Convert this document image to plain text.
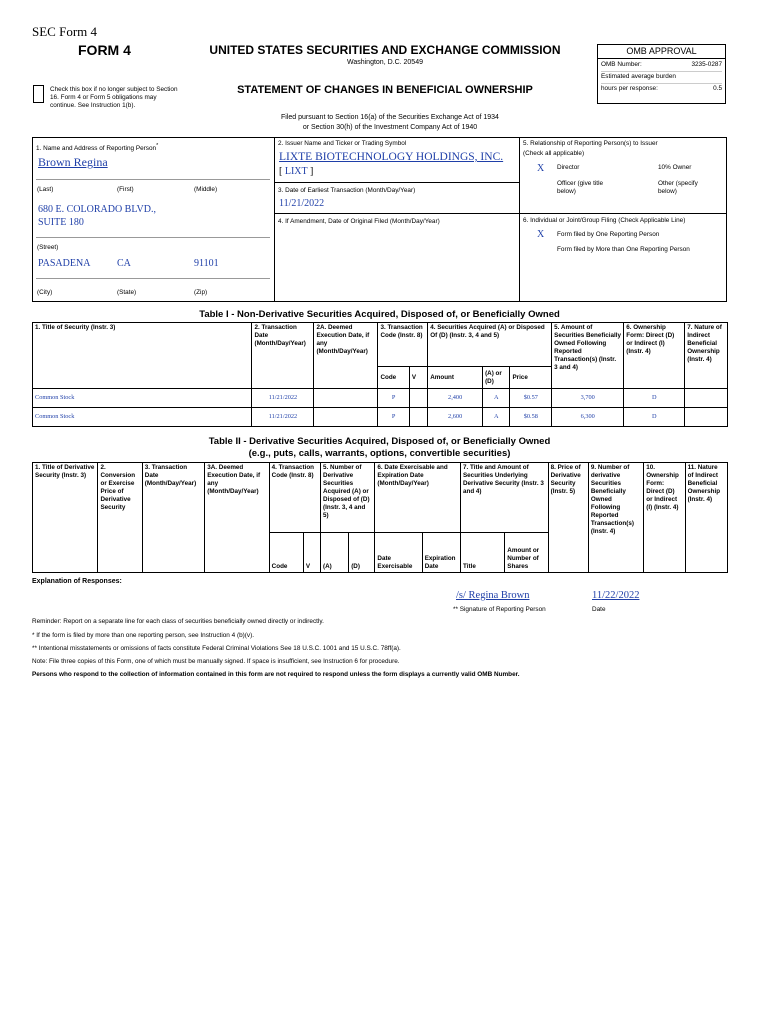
SEC Form 4
FORM 4
Check this box if no longer subject to Section 16. Form 4 or Form 5 obligations may continue. See Instruction 1(b).
UNITED STATES SECURITIES AND EXCHANGE COMMISSION
Washington, D.C. 20549
STATEMENT OF CHANGES IN BENEFICIAL OWNERSHIP
Filed pursuant to Section 16(a) of the Securities Exchange Act of 1934
or Section 30(h) of the Investment Company Act of 1940
OMB APPROVAL
OMB Number:	3235-0287
Estimated average burden
hours per response:	0.5
1. Name and Address of Reporting Person*
Brown Regina
(Last)	(First)	(Middle)
680 E. COLORADO BLVD.,
SUITE 180
(Street)
PASADENA	CA	91101
(City)	(State)	(Zip)
2. Issuer Name and Ticker or Trading Symbol
LIXTE BIOTECHNOLOGY HOLDINGS, INC.
[ LIXT ]
3. Date of Earliest Transaction (Month/Day/Year)
11/21/2022
4. If Amendment, Date of Original Filed (Month/Day/Year)
5. Relationship of Reporting Person(s) to Issuer
(Check all applicable)
X Director	10% Owner
Officer (give title below)
Other (specify below)
6. Individual or Joint/Group Filing (Check Applicable Line)
X Form filed by One Reporting Person
Form filed by More than One Reporting Person
Table I - Non-Derivative Securities Acquired, Disposed of, or Beneficially Owned
1. Title of Security (Instr. 3)	2. Transaction Date (Month/Day/Year)	2A. Deemed Execution Date, if any (Month/Day/Year)	3. Transaction Code (Instr. 8)		4. Securities Acquired (A) or Disposed Of (D) (Instr. 3, 4 and 5)			5. Amount of Securities Beneficially Owned Following Reported Transaction(s) (Instr. 3 and 4)	6. Ownership Form: Direct (D) or Indirect (I) (Instr. 4)	7. Nature of Indirect Beneficial Ownership (Instr. 4)
			Code	V	Amount	(A) or (D)	Price			
Common Stock	11/21/2022		P		2,400	A	$0.57	3,700	D	
Common Stock	11/21/2022		P		2,600	A	$0.58	6,300	D	
Table II - Derivative Securities Acquired, Disposed of, or Beneficially Owned
(e.g., puts, calls, warrants, options, convertible securities)
1. Title of Derivative Security (Instr. 3)	2. Conversion or Exercise Price of Derivative Security	3. Transaction Date (Month/Day/Year)	3A. Deemed Execution Date, if any (Month/Day/Year)	4. Transaction Code (Instr. 8)		5. Number of Derivative Securities Acquired (A) or Disposed of (D) (Instr. 3, 4 and 5)		6. Date Exercisable and Expiration Date (Month/Day/Year)		7. Title and Amount of Securities Underlying Derivative Security (Instr. 3 and 4)		8. Price of Derivative Security (Instr. 5)	9. Number of derivative Securities Beneficially Owned Following Reported Transaction(s) (Instr. 4)	10. Ownership Form: Direct (D) or Indirect (I) (Instr. 4)	11. Nature of Indirect Beneficial Ownership (Instr. 4)
				Code	V	(A)	(D)	Date Exercisable	Expiration Date	Title	Amount or Number of Shares				
Explanation of Responses:
/s/ Regina Brown	11/22/2022
** Signature of Reporting Person	Date
Reminder: Report on a separate line for each class of securities beneficially owned directly or indirectly.
* If the form is filed by more than one reporting person, see Instruction 4 (b)(v).
** Intentional misstatements or omissions of facts constitute Federal Criminal Violations See 18 U.S.C. 1001 and 15 U.S.C. 78ff(a).
Note: File three copies of this Form, one of which must be manually signed. If space is insufficient, see Instruction 6 for procedure.
Persons who respond to the collection of information contained in this form are not required to respond unless the form displays a currently valid OMB Number.
